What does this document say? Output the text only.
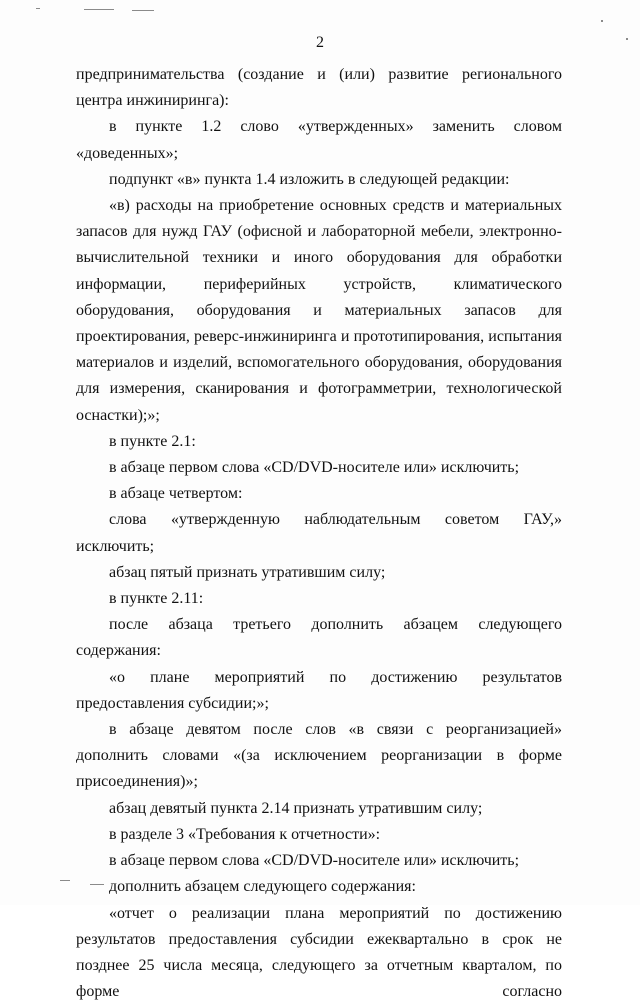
2

предпринимательства (создание и (или) развитие регионального центра инжиниринга):

в пункте 1.2 слово «утвержденных» заменить словом «доведенных»;

подпункт «в» пункта 1.4 изложить в следующей редакции:

«в) расходы на приобретение основных средств и материальных запасов для нужд ГАУ (офисной и лабораторной мебели, электронно-вычислительной техники и иного оборудования для обработки информации, периферийных устройств, климатического оборудования, оборудования и материальных запасов для проектирования, реверс-инжиниринга и прототипирования, испытания материалов и изделий, вспомогательного оборудования, оборудования для измерения, сканирования и фотограмметрии, технологической оснастки);»;

в пункте 2.1:

в абзаце первом слова «CD/DVD-носителе или» исключить;

в абзаце четвертом:

слова «утвержденную наблюдательным советом ГАУ,» исключить;

абзац пятый признать утратившим силу;

в пункте 2.11:

после абзаца третьего дополнить абзацем следующего содержания:

«о плане мероприятий по достижению результатов предоставления субсидии;»;

в абзаце девятом после слов «в связи с реорганизацией» дополнить словами «(за исключением реорганизации в форме присоединения)»;

абзац девятый пункта 2.14 признать утратившим силу;

в разделе 3 «Требования к отчетности»:

в абзаце первом слова «CD/DVD-носителе или» исключить;

дополнить абзацем следующего содержания:

«отчет о реализации плана мероприятий по достижению результатов предоставления субсидии ежеквартально в срок не позднее 25 числа месяца, следующего за отчетным кварталом, по форме согласно
